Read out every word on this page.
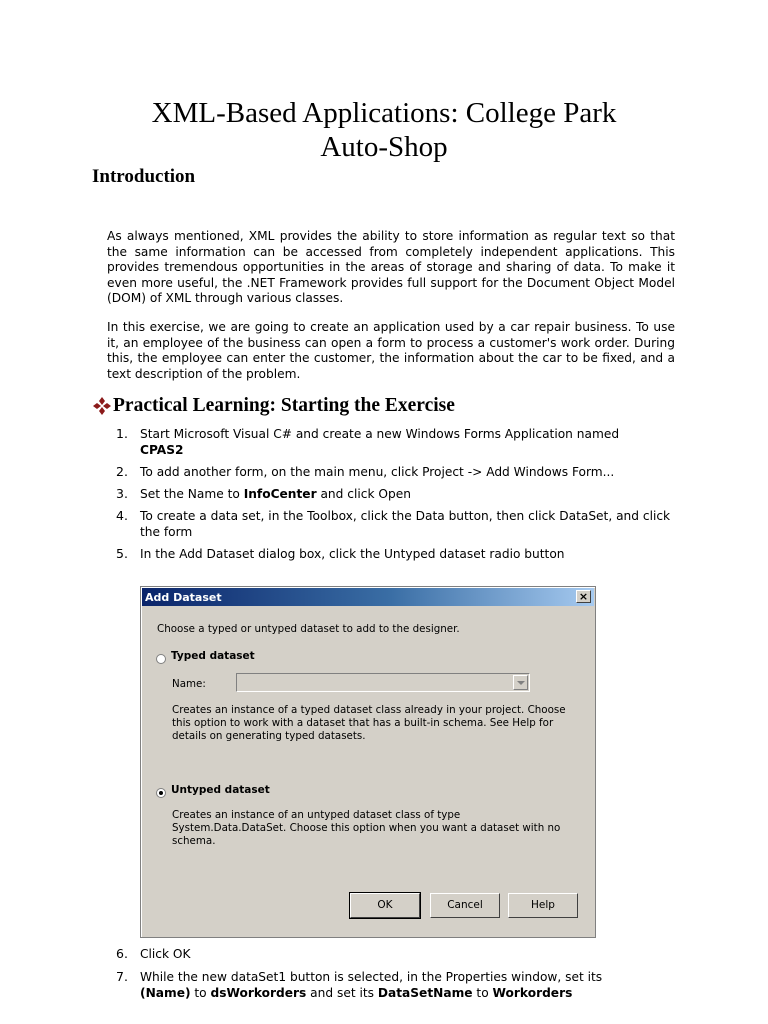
XML-Based Applications: College Park
Auto-Shop
Introduction

As always mentioned, XML provides the ability to store information as regular text so that the same information can be accessed from completely independent applications. This provides tremendous opportunities in the areas of storage and sharing of data. To make it even more useful, the .NET Framework provides full support for the Document Object Model (DOM) of XML through various classes.

In this exercise, we are going to create an application used by a car repair business. To use it, an employee of the business can open a form to process a customer's work order. During this, the employee can enter the customer, the information about the car to be fixed, and a text description of the problem.

Practical Learning: Starting the Exercise
1. Start Microsoft Visual C# and create a new Windows Forms Application named
CPAS2
2. To add another form, on the main menu, click Project -> Add Windows Form...
3. Set the Name to InfoCenter and click Open
4. To create a data set, in the Toolbox, click the Data button, then click DataSet, and click the form
5. In the Add Dataset dialog box, click the Untyped dataset radio button
Add Dataset	×
Choose a typed or untyped dataset to add to the designer.
Typed dataset
Name:
Creates an instance of a typed dataset class already in your project. Choose this option to work with a dataset that has a built-in schema. See Help for details on generating typed datasets.
Untyped dataset
Creates an instance of an untyped dataset class of type System.Data.DataSet. Choose this option when you want a dataset with no schema.
OK	Cancel	Help
6. Click OK
7. While the new dataSet1 button is selected, in the Properties window, set its
(Name) to dsWorkorders and set its DataSetName to Workorders
